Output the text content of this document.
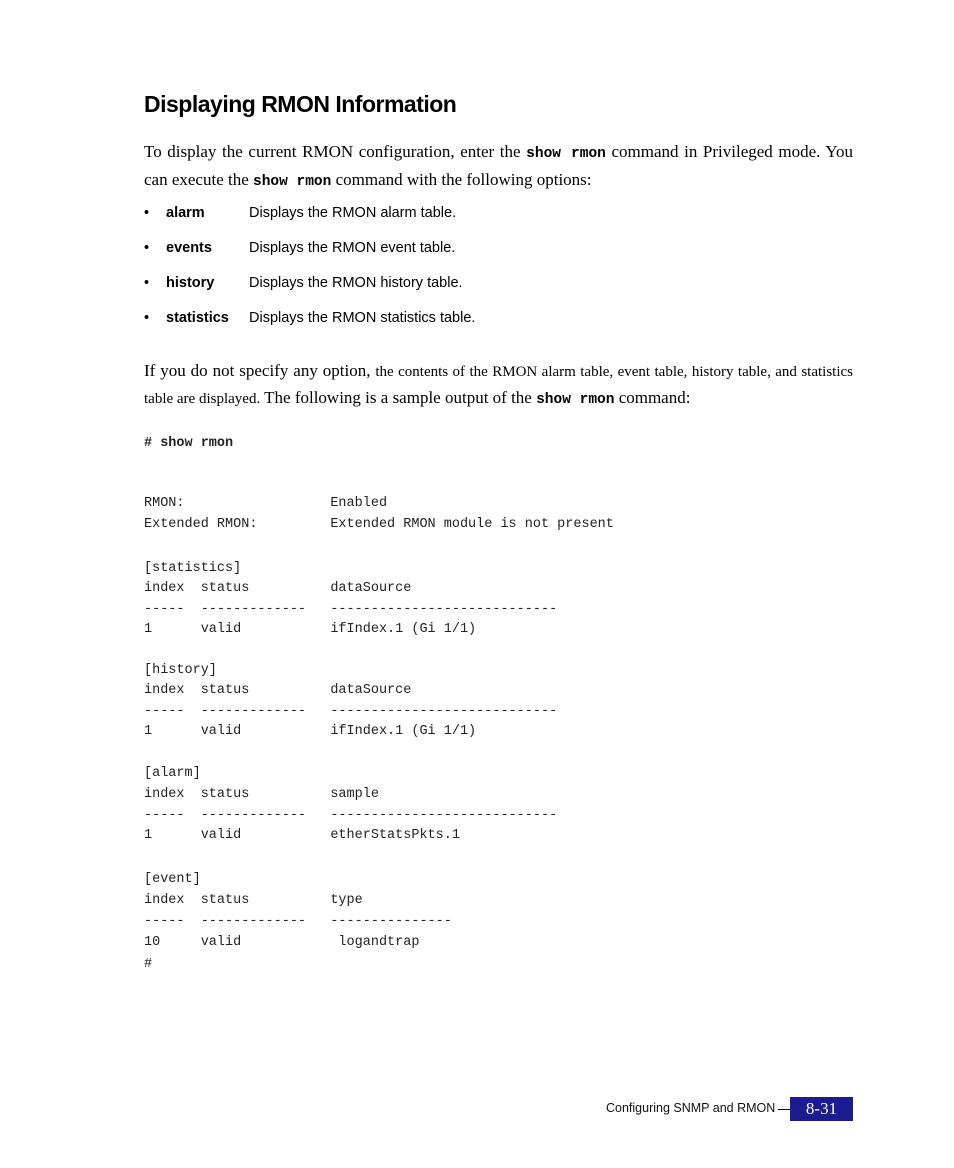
Displaying RMON Information

To display the current RMON configuration, enter the show rmon command in Privileged mode. You can execute the show rmon command with the following options:

• alarm	Displays the RMON alarm table.
• events	Displays the RMON event table.
• history Displays the RMON history table.
• statistics Displays the RMON statistics table.

If you do not specify any option, the contents of the RMON alarm table, event table, history table, and statistics table are displayed. The following is a sample output of the show rmon command:

# show rmon
RMON:                  Enabled
Extended RMON:         Extended RMON module is not present
[statistics]
index  status          dataSource
-----  -------------   ----------------------------
1      valid           ifIndex.1 (Gi 1/1)
[history]
index  status          dataSource
-----  -------------   ----------------------------
1      valid           ifIndex.1 (Gi 1/1)
[alarm]
index  status          sample
-----  -------------   ----------------------------
1      valid           etherStatsPkts.1
[event]
index  status          type
-----  -------------   ---------------
10     valid            logandtrap
#
Configuring SNMP and RMON	8-31
